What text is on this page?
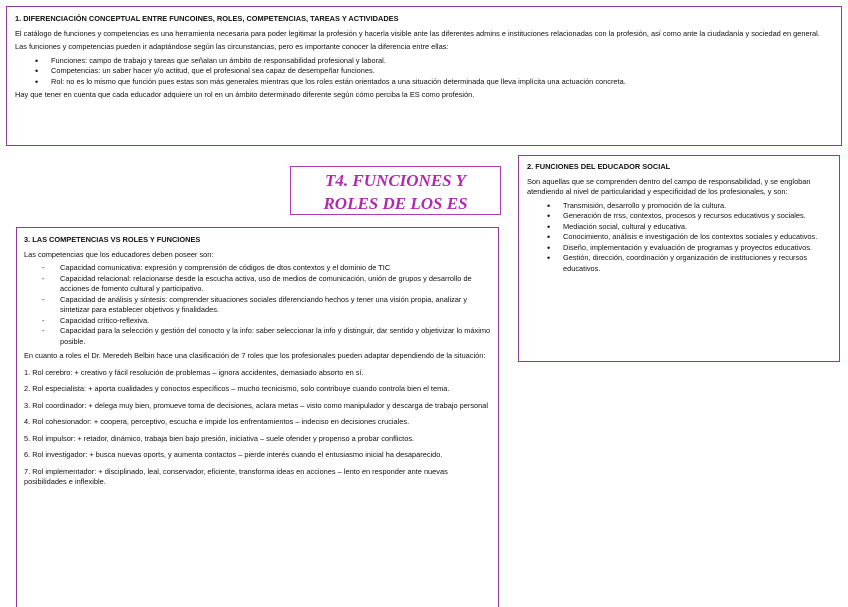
1. DIFERENCIACIÓN CONCEPTUAL ENTRE FUNCOINES, ROLES, COMPETENCIAS, TAREAS Y ACTIVIDADES

El catálogo de funciones y competencias es una herramienta necesaria para poder legitimar la profesión y hacerla visible ante las diferentes admins e instituciones relacionadas con la profesión, así como ante la ciudadanía y sociedad en general.

Las funciones y competencias pueden ir adaptándose según las circunstancias, pero es importante conocer la diferencia entre ellas:

• Funciones: campo de trabajo y tareas que señalan un ámbito de responsabilidad profesional y laboral.
• Competencias: un saber hacer y/o actitud, que el profesional sea capaz de desempeñar funciones.
• Rol: no es lo mismo que función pues estas son más generales mientras que los roles están orientados a una situación determinada que lleva implícita una actuación concreta.

Hay que tener en cuenta que cada educador adquiere un rol en un ámbito determinado diferente según cómo perciba la ES como profesión.

T4. FUNCIONES Y
ROLES DE LOS ES
2. FUNCIONES DEL EDUCADOR SOCIAL

Son aquellas que se comprenden dentro del campo de responsabilidad, y se engloban atendiendo al nivel de particularidad y especificidad de los profesionales, y son:

• Transmisión, desarrollo y promoción de la cultura.
• Generación de rrss, contextos, procesos y recursos educativos y sociales.
• Mediación social, cultural y educativa.
• Conocimiento, análisis e investigación de los contextos sociales y educativos.
• Diseño, implementación y evaluación de programas y proyectos educativos.
• Gestión, dirección, coordinación y organización de instituciones y recursos educativos.
3. LAS COMPETENCIAS VS ROLES Y FUNCIONES

Las competencias que los educadores deben poseer son:

- Capacidad comunicativa: expresión y comprensión de códigos de dtos contextos y el dominio de TIC
- Capacidad relacional: relacionarse desde la escucha activa, uso de medios de comunicación, unión de grupos y desarrollo de acciones de fomento cultural y participativo.
- Capacidad de análisis y síntesis: comprender situaciones sociales diferenciando hechos y tener una visión propia, analizar y sintetizar para establecer objetivos y finalidades.
- Capacidad crítico-reflexiva.
- Capacidad para la selección y gestión del conocto y la info: saber seleccionar la info y distinguir, dar sentido y objetivizar lo máximo posible.

En cuanto a roles el Dr. Meredeh Belbin hace una clasificación de 7 roles que los profesionales pueden adaptar dependiendo de la situación:

1. Rol cerebro: + creativo y fácil resolución de problemas – ignora accidentes, demasiado absorto en sí.

2. Rol especialista: + aporta cualidades y conoctos específicos – mucho tecnicismo, solo contribuye cuando controla bien el tema.

3. Rol coordinador: + delega muy bien, promueve toma de decisiones, aclara metas – visto como manipulador y descarga de trabajo personal

4. Rol cohesionador: + coopera, perceptivo, escucha e impide los enfrentamientos – indeciso en decisiones cruciales.

5. Rol impulsor: + retador, dinámico, trabaja bien bajo presión, iniciativa – suele ofender y propenso a probar conflictos.

6. Rol investigador: + busca nuevas oports, y aumenta contactos – pierde interés cuando el entusiasmo inicial ha desaparecido.

7. Rol implementador: + disciplinado, leal, conservador, eficiente, transforma ideas en acciones – lento en responder ante nuevas posibilidades e inflexible.
